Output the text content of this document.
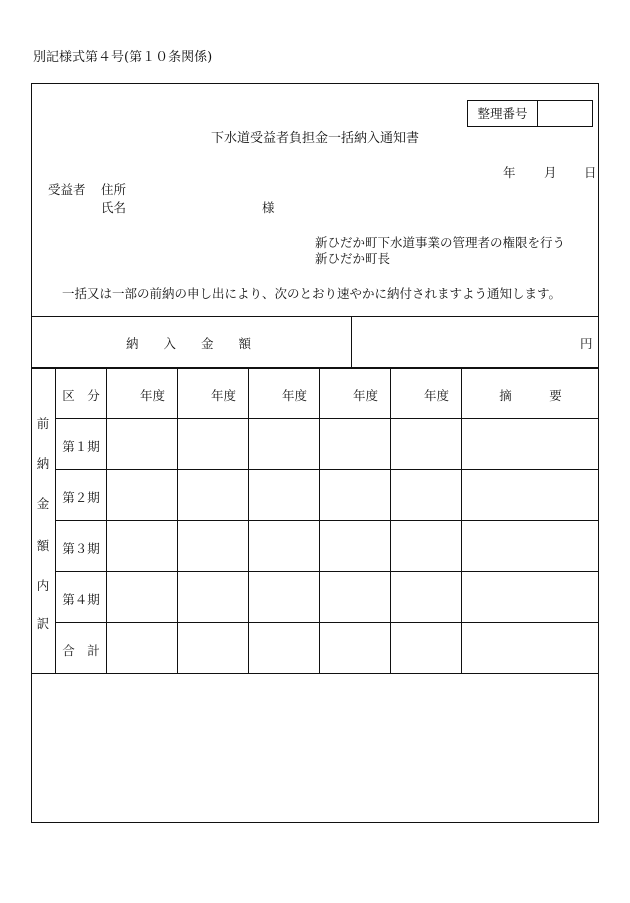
別記様式第４号(第１０条関係)
整理番号
下水道受益者負担金一括納入通知書
年 月 日
受益者 住所
氏名	様
新ひだか町下水道事業の管理者の権限を行う
新ひだか町長
一括又は一部の前納の申し出により、次のとおり速やかに納付されますよう通知します。
納　　入　　金　　額	円
前
納
金
額
内
訳
区　分	年度	年度	年度	年度	年度	摘　　　要
第１期
第２期
第３期
第４期
合　計
